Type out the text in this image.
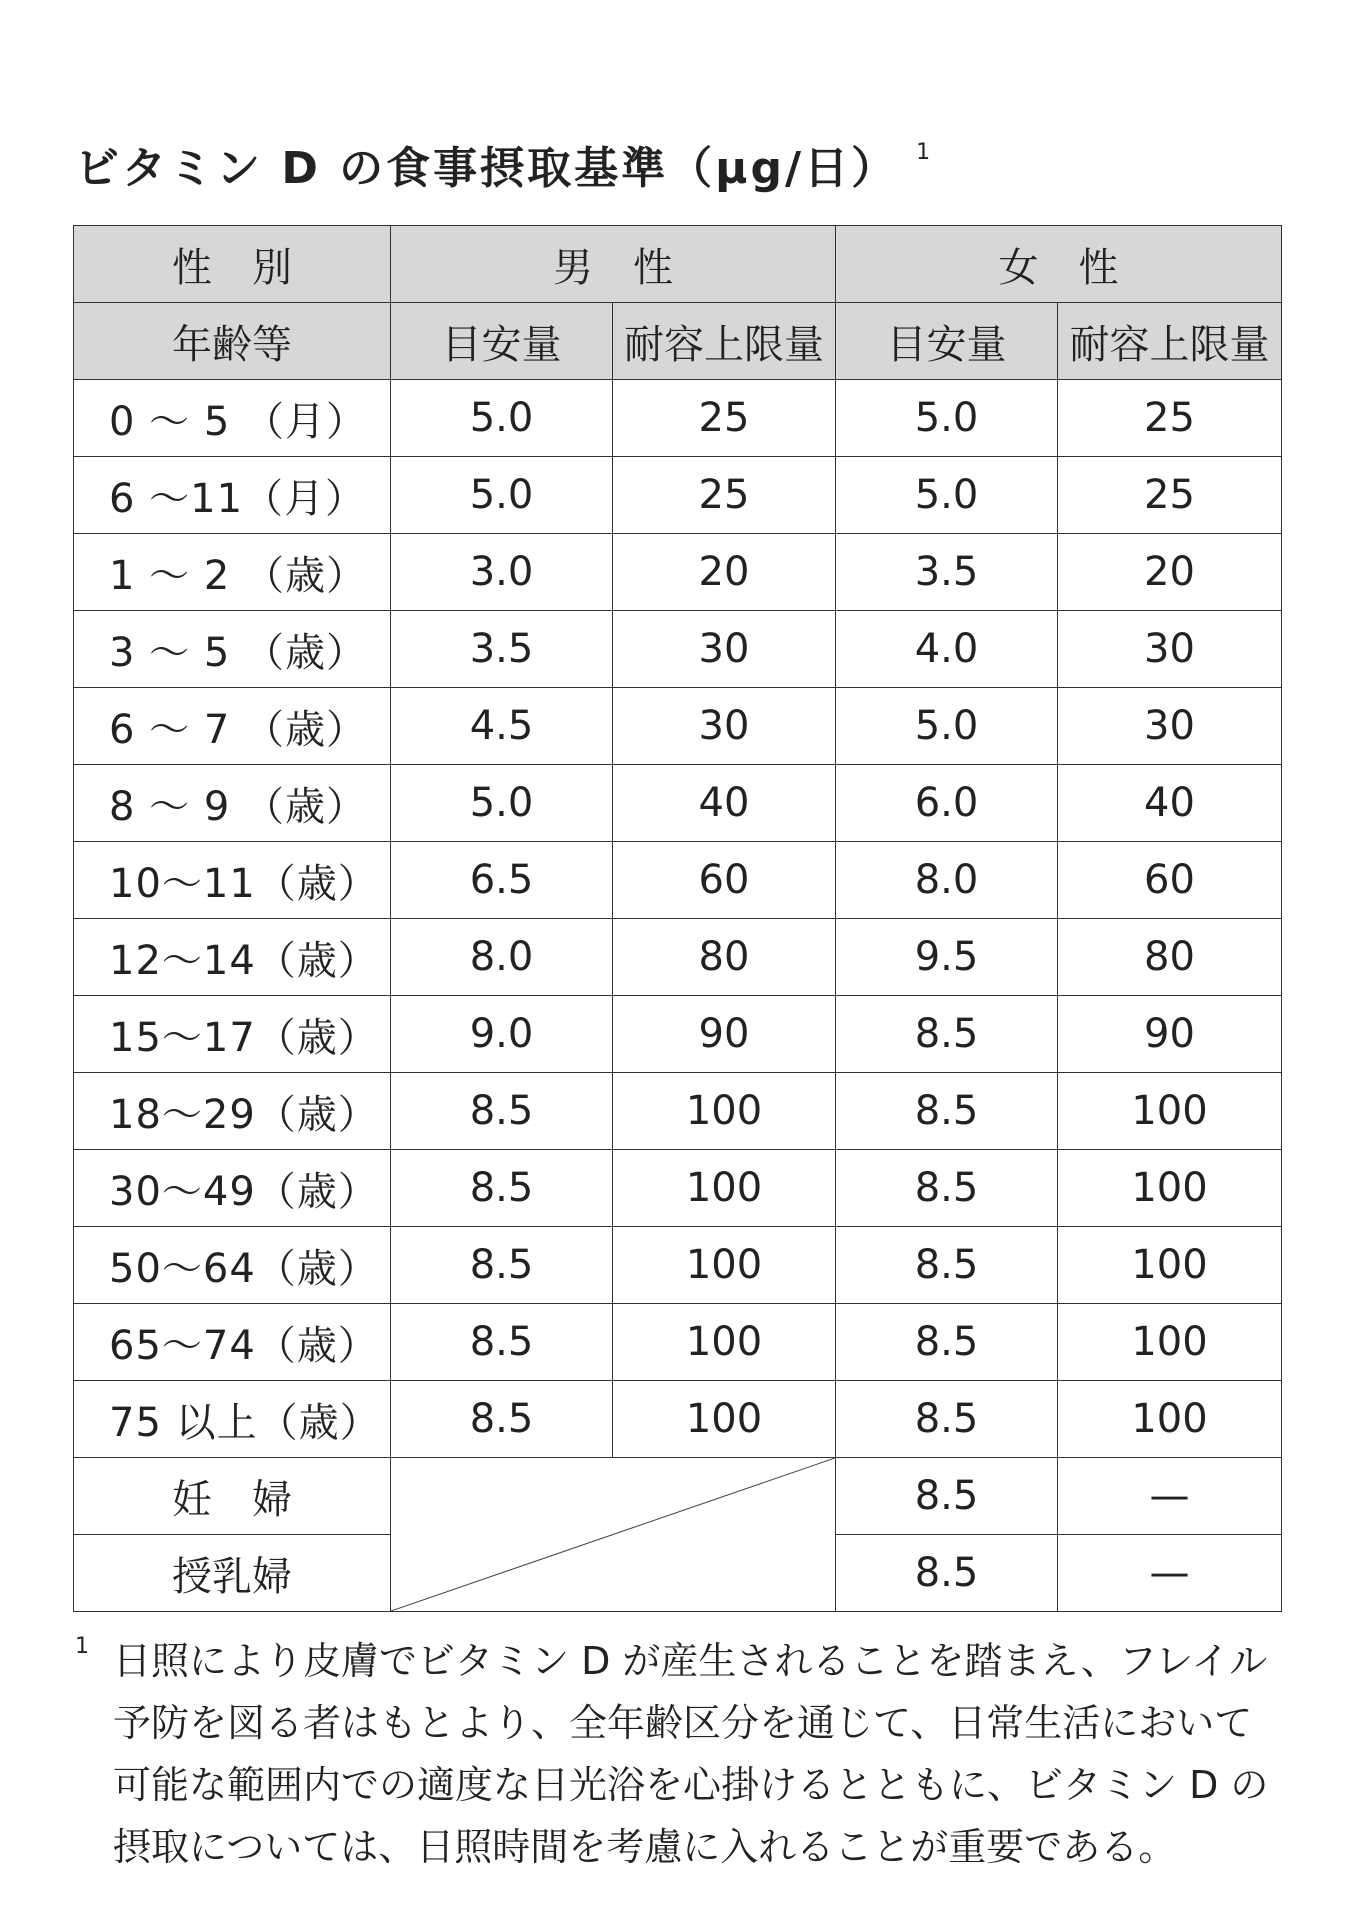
ビタミン D の食事摂取基準（μg/日） $^1$
性　別	男　性		女　性	
年齢等	目安量	耐容上限量	目安量	耐容上限量
0 ～ 5 （月）	5.0	25	5.0	25
6 ～11（月）	5.0	25	5.0	25
1 ～ 2 （歳）	3.0	20	3.5	20
3 ～ 5 （歳）	3.5	30	4.0	30
6 ～ 7 （歳）	4.5	30	5.0	30
8 ～ 9 （歳）	5.0	40	6.0	40
10～11（歳）	6.5	60	8.0	60
12～14（歳）	8.0	80	9.5	80
15～17（歳）	9.0	90	8.5	90
18～29（歳）	8.5	100	8.5	100
30～49（歳）	8.5	100	8.5	100
50～64（歳）	8.5	100	8.5	100
65～74（歳）	8.5	100	8.5	100
75 以上（歳）	8.5	100	8.5	100
妊　婦			8.5	—
授乳婦			8.5	—
1 日照により皮膚でビタミン D が産生されることを踏まえ、フレイル予防を図る者はもとより、全年齢区分を通じて、日常生活において可能な範囲内での適度な日光浴を心掛けるとともに、ビタミン D の摂取については、日照時間を考慮に入れることが重要である。
